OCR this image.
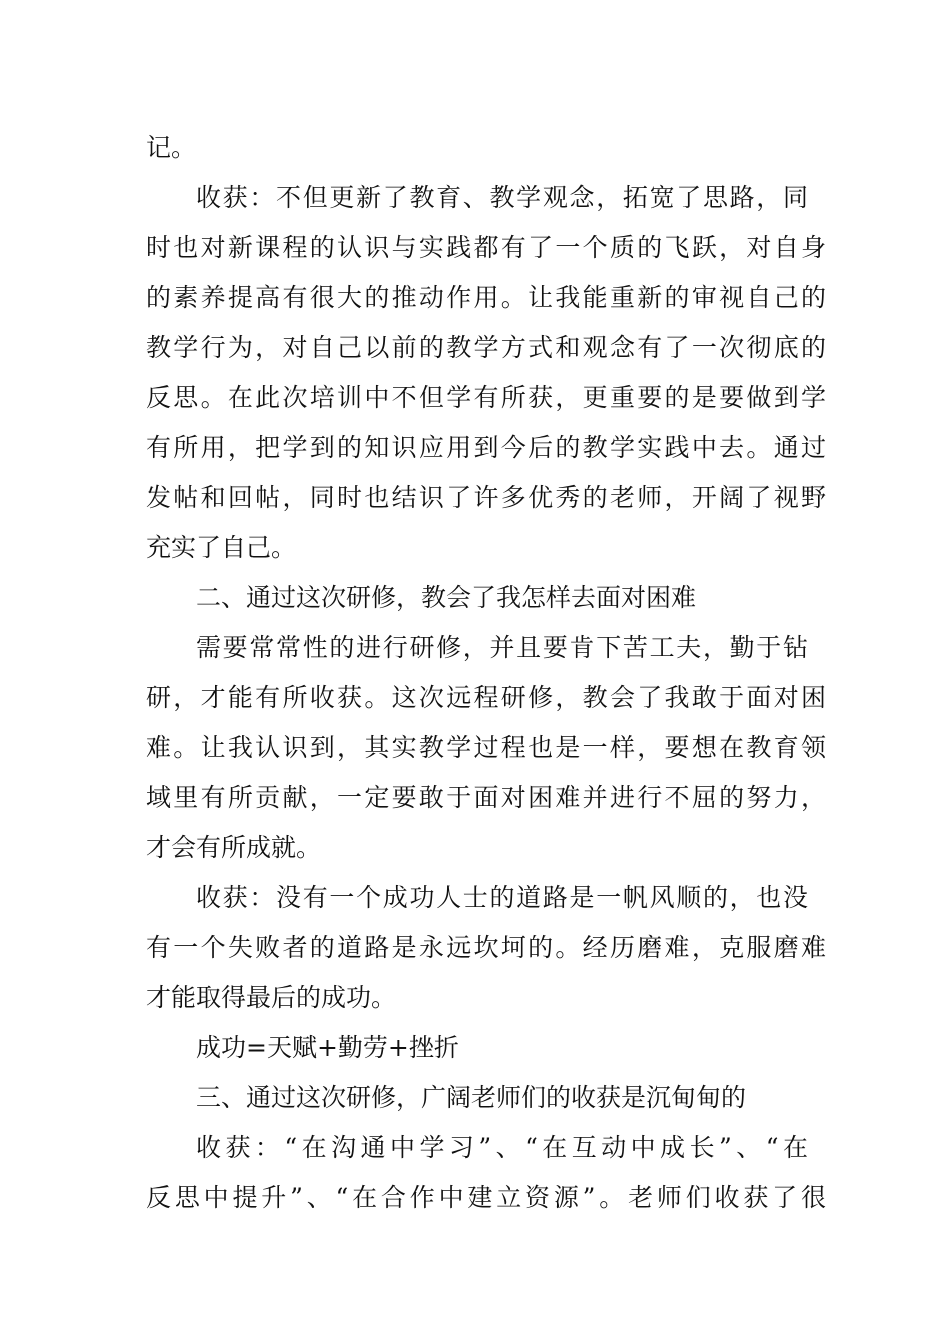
记。
收获：不但更新了教育、教学观念，拓宽了思路，同
时也对新课程的认识与实践都有了一个质的飞跃，对自身
的素养提高有很大的推动作用。让我能重新的审视自己的
教学行为，对自己以前的教学方式和观念有了一次彻底的
反思。在此次培训中不但学有所获，更重要的是要做到学
有所用，把学到的知识应用到今后的教学实践中去。通过
发帖和回帖，同时也结识了许多优秀的老师，开阔了视野
充实了自己。
二、通过这次研修，教会了我怎样去面对困难
需要常常性的进行研修，并且要肯下苦工夫，勤于钻
研，才能有所收获。这次远程研修，教会了我敢于面对困
难。让我认识到，其实教学过程也是一样，要想在教育领
域里有所贡献，一定要敢于面对困难并进行不屈的努力，
才会有所成就。
收获：没有一个成功人士的道路是一帆风顺的，也没
有一个失败者的道路是永远坎坷的。经历磨难，克服磨难
才能取得最后的成功。
成功=天赋+勤劳+挫折
三、通过这次研修，广阔老师们的收获是沉甸甸的
收获：“在沟通中学习”、“在互动中成长”、“在
反思中提升”、“在合作中建立资源”。老师们收获了很
